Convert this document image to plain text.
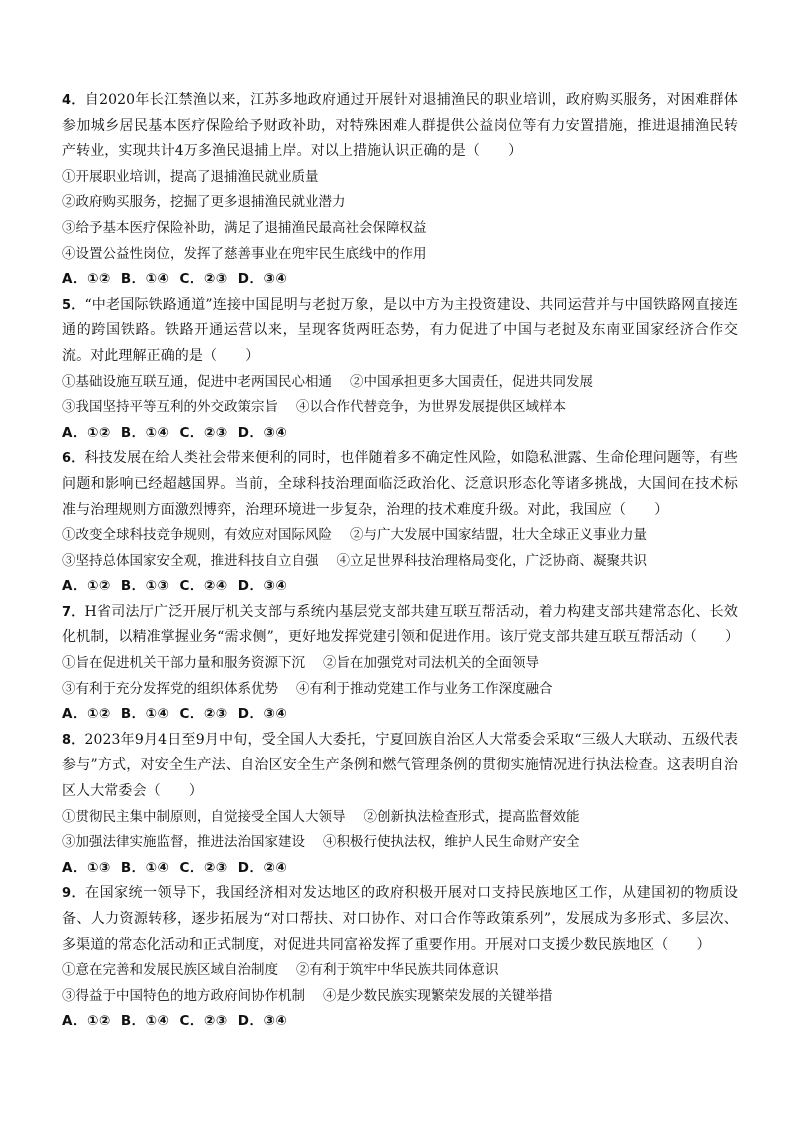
4．自2020年长江禁渔以来，江苏多地政府通过开展针对退捕渔民的职业培训，政府购买服务，对困难群体参加城乡居民基本医疗保险给予财政补助，对特殊困难人群提供公益岗位等有力安置措施，推进退捕渔民转产转业，实现共计4万多渔民退捕上岸。对以上措施认识正确的是（　　）

①开展职业培训，提高了退捕渔民就业质量

②政府购买服务，挖掘了更多退捕渔民就业潜力

③给予基本医疗保险补助，满足了退捕渔民最高社会保障权益

④设置公益性岗位，发挥了慈善事业在兜牢民生底线中的作用

A．①② B．①④ C．②③ D．③④

5．“中老国际铁路通道”连接中国昆明与老挝万象，是以中方为主投资建设、共同运营并与中国铁路网直接连通的跨国铁路。铁路开通运营以来，呈现客货两旺态势，有力促进了中国与老挝及东南亚国家经济合作交流。对此理解正确的是（　　）

①基础设施互联互通，促进中老两国民心相通 ②中国承担更多大国责任，促进共同发展
③我国坚持平等互利的外交政策宗旨 ④以合作代替竞争，为世界发展提供区域样本

A．①② B．①④ C．②③ D．③④

6．科技发展在给人类社会带来便利的同时，也伴随着多不确定性风险，如隐私泄露、生命伦理问题等，有些问题和影响已经超越国界。当前，全球科技治理面临泛政治化、泛意识形态化等诸多挑战，大国间在技术标准与治理规则方面激烈博弈，治理环境进一步复杂，治理的技术难度升级。对此，我国应（　　）

①改变全球科技竞争规则，有效应对国际风险 ②与广大发展中国家结盟，壮大全球正义事业力量
③坚持总体国家安全观，推进科技自立自强 ④立足世界科技治理格局变化，广泛协商、凝聚共识

A．①② B．①③ C．②④ D．③④

7．H省司法厅广泛开展厅机关支部与系统内基层党支部共建互联互帮活动，着力构建支部共建常态化、长效化机制，以精准掌握业务“需求侧”，更好地发挥党建引领和促进作用。该厅党支部共建互联互帮活动（　　）

①旨在促进机关干部力量和服务资源下沉 ②旨在加强党对司法机关的全面领导
③有利于充分发挥党的组织体系优势 ④有利于推动党建工作与业务工作深度融合

A．①② B．①④ C．②③ D．③④

8．2023年9月4日至9月中旬，受全国人大委托，宁夏回族自治区人大常委会采取“三级人大联动、五级代表参与”方式，对安全生产法、自治区安全生产条例和燃气管理条例的贯彻实施情况进行执法检查。这表明自治区人大常委会（　　）

①贯彻民主集中制原则，自觉接受全国人大领导 ②创新执法检查形式，提高监督效能
③加强法律实施监督，推进法治国家建设 ④积极行使执法权，维护人民生命财产安全

A．①③ B．①④ C．②③ D．②④

9．在国家统一领导下，我国经济相对发达地区的政府积极开展对口支持民族地区工作，从建国初的物质设备、人力资源转移，逐步拓展为“对口帮扶、对口协作、对口合作等政策系列”，发展成为多形式、多层次、多渠道的常态化活动和正式制度，对促进共同富裕发挥了重要作用。开展对口支援少数民族地区（　　）

①意在完善和发展民族区域自治制度 ②有利于筑牢中华民族共同体意识
③得益于中国特色的地方政府间协作机制 ④是少数民族实现繁荣发展的关键举措

A．①② B．①④ C．②③ D．③④
